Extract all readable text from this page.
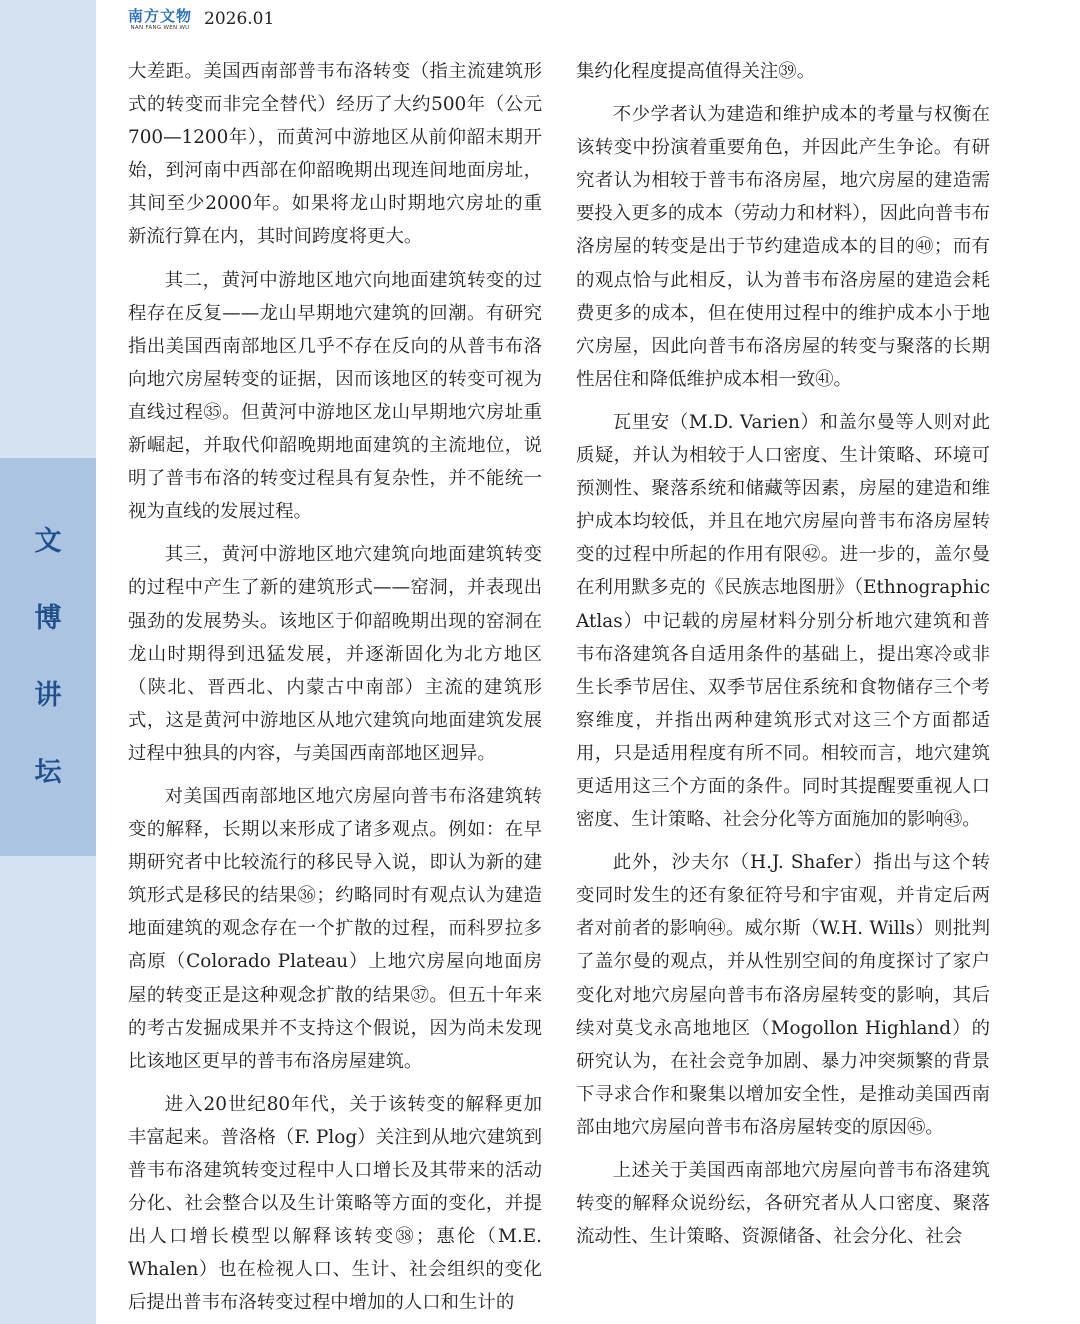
文
博
讲
坛
南方文物
NAN FANG WEN WU 2026.01

大差距。美国西南部普韦布洛转变（指主流建筑形式的转变而非完全替代）经历了大约500年（公元700—1200年），而黄河中游地区从前仰韶末期开始，到河南中西部在仰韶晚期出现连间地面房址，其间至少2000年。如果将龙山时期地穴房址的重新流行算在内，其时间跨度将更大。

其二，黄河中游地区地穴向地面建筑转变的过程存在反复——龙山早期地穴建筑的回潮。有研究指出美国西南部地区几乎不存在反向的从普韦布洛向地穴房屋转变的证据，因而该地区的转变可视为直线过程㉟。但黄河中游地区龙山早期地穴房址重新崛起，并取代仰韶晚期地面建筑的主流地位，说明了普韦布洛的转变过程具有复杂性，并不能统一视为直线的发展过程。

其三，黄河中游地区地穴建筑向地面建筑转变的过程中产生了新的建筑形式——窑洞，并表现出强劲的发展势头。该地区于仰韶晚期出现的窑洞在龙山时期得到迅猛发展，并逐渐固化为北方地区（陕北、晋西北、内蒙古中南部）主流的建筑形式，这是黄河中游地区从地穴建筑向地面建筑发展过程中独具的内容，与美国西南部地区迥异。

对美国西南部地区地穴房屋向普韦布洛建筑转变的解释，长期以来形成了诸多观点。例如：在早期研究者中比较流行的移民导入说，即认为新的建筑形式是移民的结果㊱；约略同时有观点认为建造地面建筑的观念存在一个扩散的过程，而科罗拉多高原（Colorado Plateau）上地穴房屋向地面房屋的转变正是这种观念扩散的结果㊲。但五十年来的考古发掘成果并不支持这个假说，因为尚未发现比该地区更早的普韦布洛房屋建筑。

进入20世纪80年代，关于该转变的解释更加丰富起来。普洛格（F. Plog）关注到从地穴建筑到普韦布洛建筑转变过程中人口增长及其带来的活动分化、社会整合以及生计策略等方面的变化，并提出人口增长模型以解释该转变㊳；惠伦（M.E. Whalen）也在检视人口、生计、社会组织的变化后提出普韦布洛转变过程中增加的人口和生计的

集约化程度提高值得关注㊴。

不少学者认为建造和维护成本的考量与权衡在该转变中扮演着重要角色，并因此产生争论。有研究者认为相较于普韦布洛房屋，地穴房屋的建造需要投入更多的成本（劳动力和材料），因此向普韦布洛房屋的转变是出于节约建造成本的目的㊵；而有的观点恰与此相反，认为普韦布洛房屋的建造会耗费更多的成本，但在使用过程中的维护成本小于地穴房屋，因此向普韦布洛房屋的转变与聚落的长期性居住和降低维护成本相一致㊶。

瓦里安（M.D. Varien）和盖尔曼等人则对此质疑，并认为相较于人口密度、生计策略、环境可预测性、聚落系统和储藏等因素，房屋的建造和维护成本均较低，并且在地穴房屋向普韦布洛房屋转变的过程中所起的作用有限㊷。进一步的，盖尔曼在利用默多克的《民族志地图册》（Ethnographic Atlas）中记载的房屋材料分别分析地穴建筑和普韦布洛建筑各自适用条件的基础上，提出寒冷或非生长季节居住、双季节居住系统和食物储存三个考察维度，并指出两种建筑形式对这三个方面都适用，只是适用程度有所不同。相较而言，地穴建筑更适用这三个方面的条件。同时其提醒要重视人口密度、生计策略、社会分化等方面施加的影响㊸。

此外，沙夫尔（H.J. Shafer）指出与这个转变同时发生的还有象征符号和宇宙观，并肯定后两者对前者的影响㊹。威尔斯（W.H. Wills）则批判了盖尔曼的观点，并从性别空间的角度探讨了家户变化对地穴房屋向普韦布洛房屋转变的影响，其后续对莫戈永高地地区（Mogollon Highland）的研究认为，在社会竞争加剧、暴力冲突频繁的背景下寻求合作和聚集以增加安全性，是推动美国西南部由地穴房屋向普韦布洛房屋转变的原因㊺。

上述关于美国西南部地穴房屋向普韦布洛建筑转变的解释众说纷纭，各研究者从人口密度、聚落流动性、生计策略、资源储备、社会分化、社会
